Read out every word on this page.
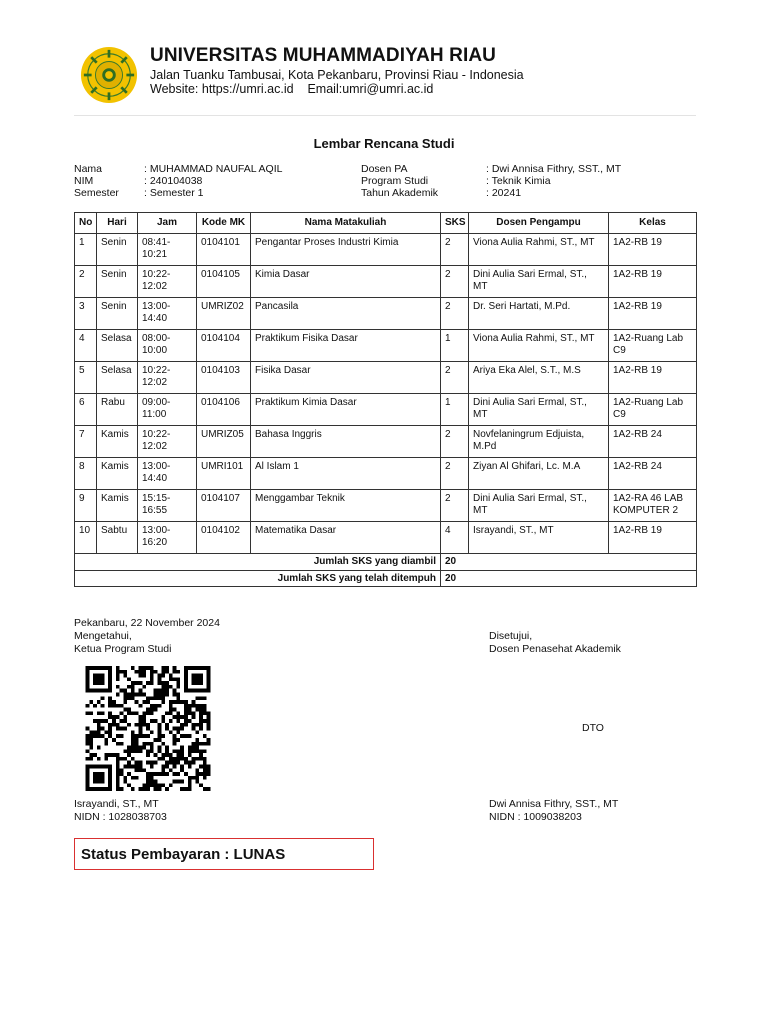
UNIVERSITAS MUHAMMADIYAH RIAU
Jalan Tuanku Tambusai, Kota Pekanbaru, Provinsi Riau - Indonesia
Website: https://umri.ac.id    Email:umri@umri.ac.id
Lembar Rencana Studi
Nama	: MUHAMMAD NAUFAL AQIL
NIM	: 240104038
Semester	: Semester 1
Dosen PA	: Dwi Annisa Fithry, SST., MT
Program Studi	: Teknik Kimia
Tahun Akademik	: 20241
No	Hari	Jam	Kode MK	Nama Matakuliah	SKS	Dosen Pengampu	Kelas
1	Senin	08:41-
10:21	0104101	Pengantar Proses Industri Kimia	2	Viona Aulia Rahmi, ST., MT	1A2-RB 19
2	Senin	10:22-
12:02	0104105	Kimia Dasar	2	Dini Aulia Sari Ermal, ST., MT	1A2-RB 19
3	Senin	13:00-
14:40	UMRIZ02	Pancasila	2	Dr. Seri Hartati, M.Pd.	1A2-RB 19
4	Selasa	08:00-
10:00	0104104	Praktikum Fisika Dasar	1	Viona Aulia Rahmi, ST., MT	1A2-Ruang Lab C9
5	Selasa	10:22-
12:02	0104103	Fisika Dasar	2	Ariya Eka Alel, S.T., M.S	1A2-RB 19
6	Rabu	09:00-
11:00	0104106	Praktikum Kimia Dasar	1	Dini Aulia Sari Ermal, ST., MT	1A2-Ruang Lab C9
7	Kamis	10:22-
12:02	UMRIZ05	Bahasa Inggris	2	Novfelaningrum Edjuista, M.Pd	1A2-RB 24
8	Kamis	13:00-
14:40	UMRI101	Al Islam 1	2	Ziyan Al Ghifari, Lc. M.A	1A2-RB 24
9	Kamis	15:15-
16:55	0104107	Menggambar Teknik	2	Dini Aulia Sari Ermal, ST., MT	1A2-RA 46 LAB KOMPUTER 2
10	Sabtu	13:00-
16:20	0104102	Matematika Dasar	4	Israyandi, ST., MT	1A2-RB 19
Jumlah SKS yang diambil					20		
Jumlah SKS yang telah ditempuh					20		
Pekanbaru, 22 November 2024
Mengetahui,
Ketua Program Studi
Disetujui,
Dosen Penasehat Akademik
DTO
Israyandi, ST., MT
NIDN : 1028038703
Dwi Annisa Fithry, SST., MT
NIDN : 1009038203
Status Pembayaran : LUNAS
